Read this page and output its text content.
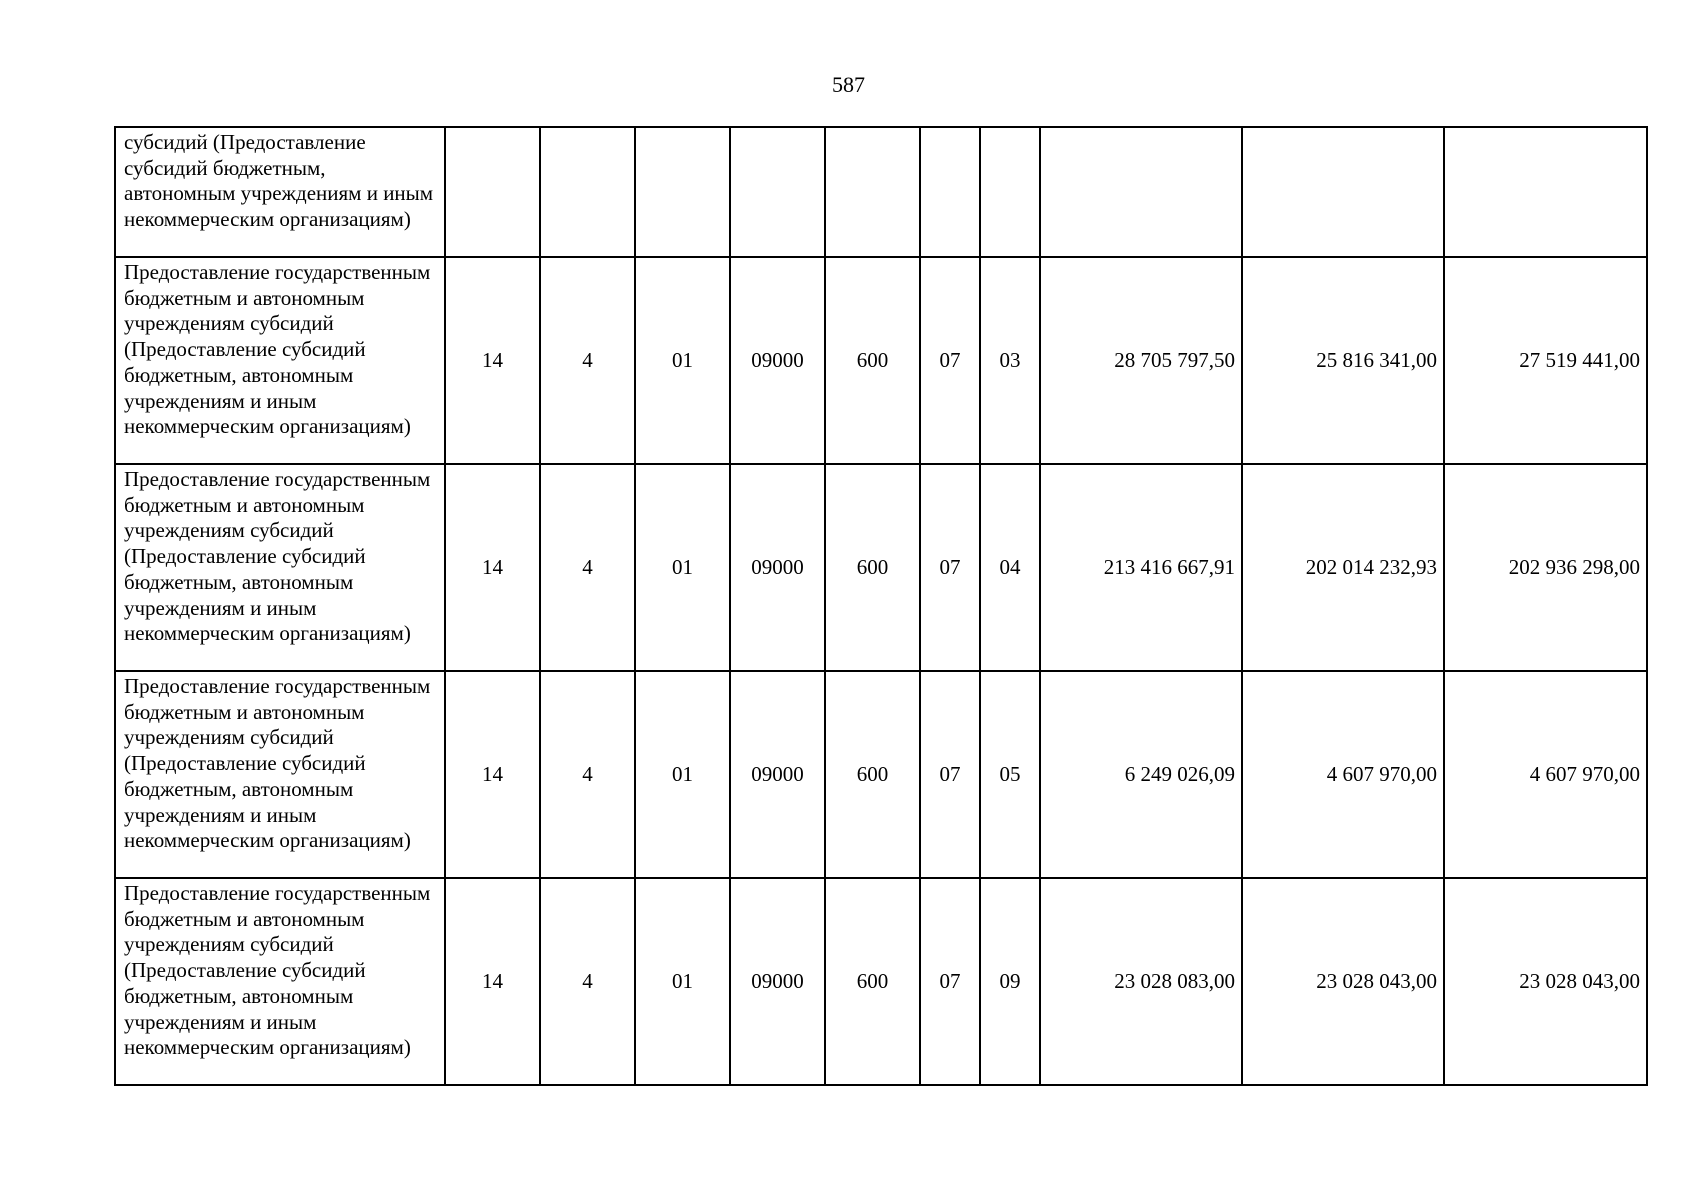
587
субсидий (Предоставление субсидий бюджетным, автономным учреждениям и иным некоммерческим организациям)										
Предоставление государственным бюджетным и автономным учреждениям субсидий (Предоставление субсидий бюджетным, автономным учреждениям и иным некоммерческим организациям)	14	4	01	09000	600	07	03	28 705 797,50	25 816 341,00	27 519 441,00
Предоставление государственным бюджетным и автономным учреждениям субсидий (Предоставление субсидий бюджетным, автономным учреждениям и иным некоммерческим организациям)	14	4	01	09000	600	07	04	213 416 667,91	202 014 232,93	202 936 298,00
Предоставление государственным бюджетным и автономным учреждениям субсидий (Предоставление субсидий бюджетным, автономным учреждениям и иным некоммерческим организациям)	14	4	01	09000	600	07	05	6 249 026,09	4 607 970,00	4 607 970,00
Предоставление государственным бюджетным и автономным учреждениям субсидий (Предоставление субсидий бюджетным, автономным учреждениям и иным некоммерческим организациям)	14	4	01	09000	600	07	09	23 028 083,00	23 028 043,00	23 028 043,00
